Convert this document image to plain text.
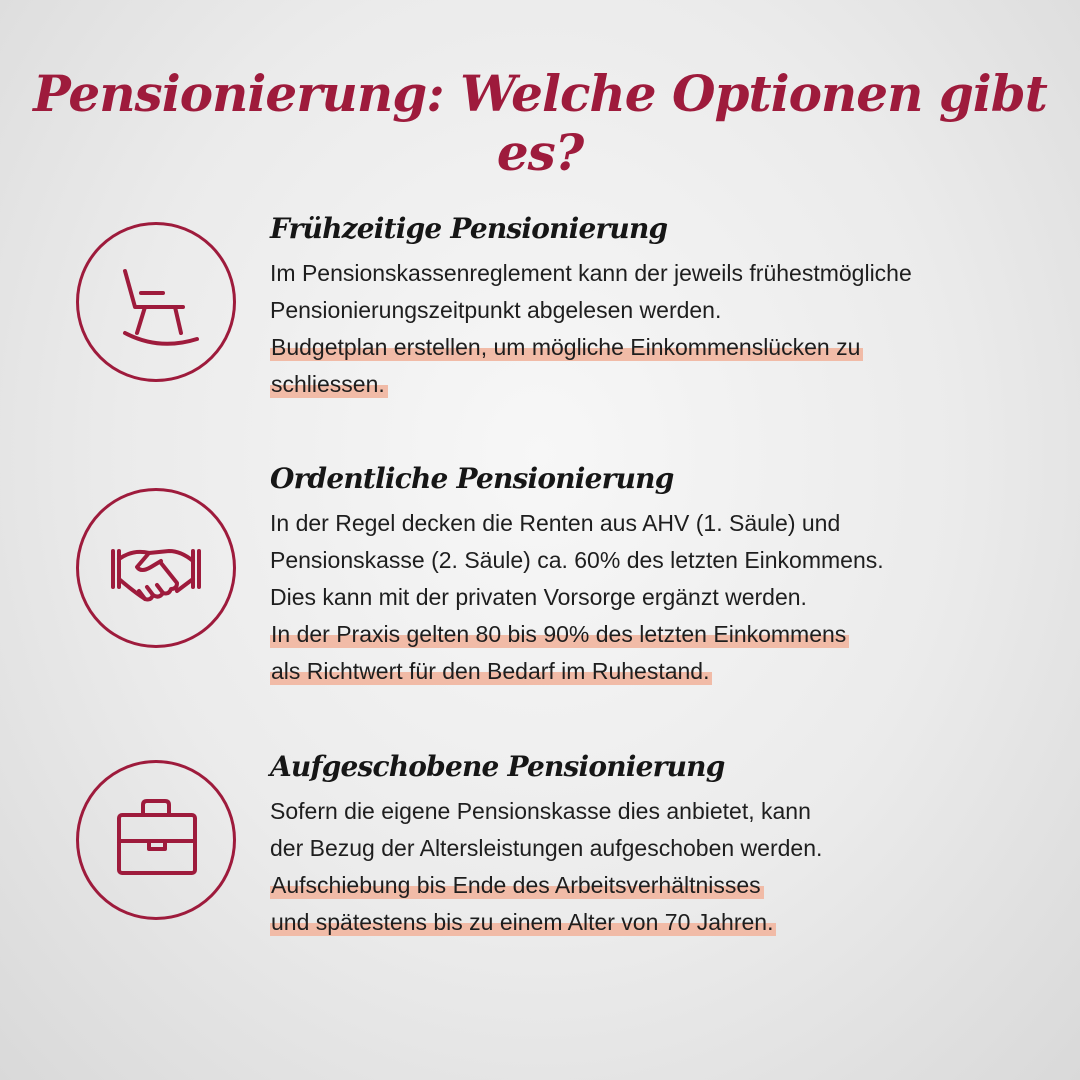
Pensionierung: Welche Optionen gibt es?
Frühzeitige Pensionierung
Im Pensionskassenreglement kann der jeweils frühestmögliche
Pensionierungszeitpunkt abgelesen werden.
Budgetplan erstellen, um mögliche Einkommenslücken zu
schliessen.
Ordentliche Pensionierung
In der Regel decken die Renten aus AHV (1. Säule) und
Pensionskasse (2. Säule) ca. 60% des letzten Einkommens.
Dies kann mit der privaten Vorsorge ergänzt werden.
In der Praxis gelten 80 bis 90% des letzten Einkommens
als Richtwert für den Bedarf im Ruhestand.
Aufgeschobene Pensionierung
Sofern die eigene Pensionskasse dies anbietet, kann
der Bezug der Altersleistungen aufgeschoben werden.
Aufschiebung bis Ende des Arbeitsverhältnisses
und spätestens bis zu einem Alter von 70 Jahren.
